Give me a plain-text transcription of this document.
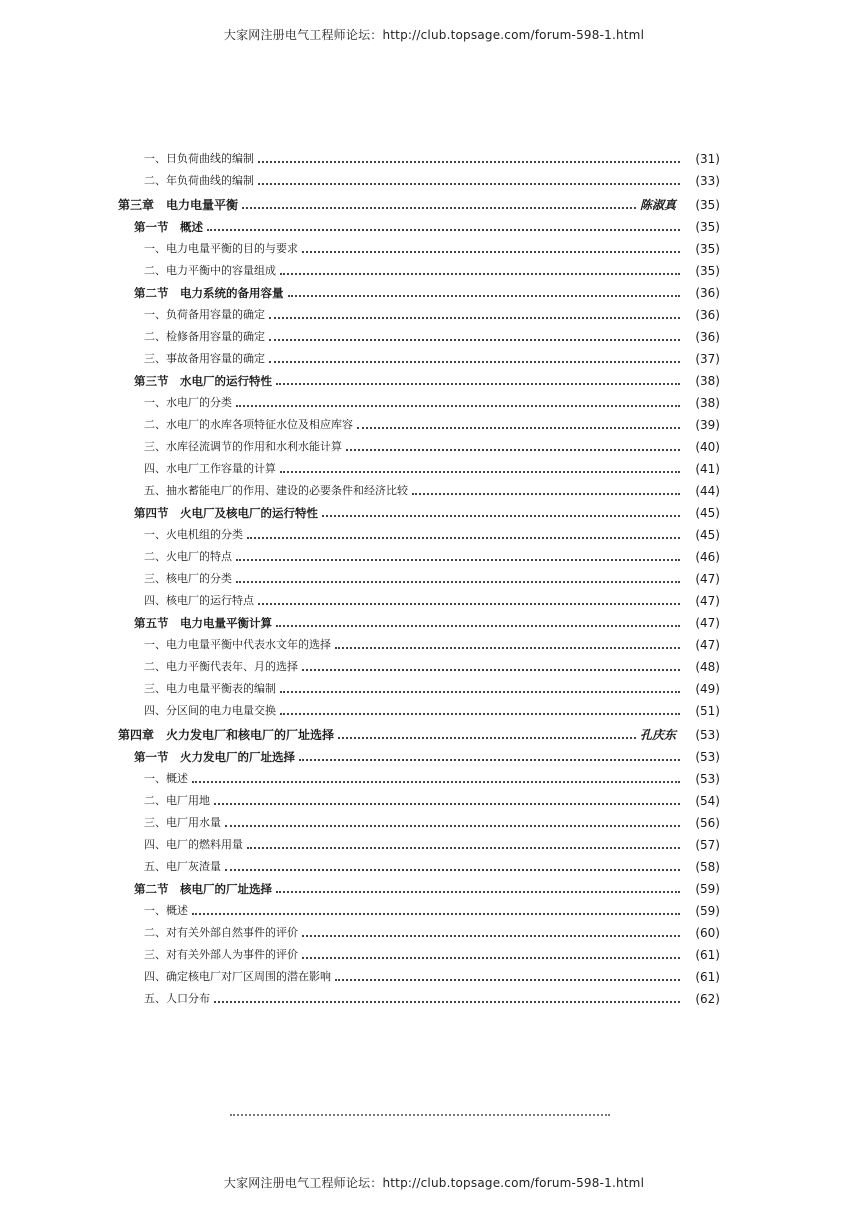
大家网注册电气工程师论坛：http://club.topsage.com/forum-598-1.html
一、日负荷曲线的编制	(31)
二、年负荷曲线的编制	(33)
第三章　电力电量平衡	陈淑真	(35)
第一节　概述	(35)
一、电力电量平衡的目的与要求	(35)
二、电力平衡中的容量组成	(35)
第二节　电力系统的备用容量	(36)
一、负荷备用容量的确定	(36)
二、检修备用容量的确定	(36)
三、事故备用容量的确定	(37)
第三节　水电厂的运行特性	(38)
一、水电厂的分类	(38)
二、水电厂的水库各项特征水位及相应库容	(39)
三、水库径流调节的作用和水利水能计算	(40)
四、水电厂工作容量的计算	(41)
五、抽水蓄能电厂的作用、建设的必要条件和经济比较	(44)
第四节　火电厂及核电厂的运行特性	(45)
一、火电机组的分类	(45)
二、火电厂的特点	(46)
三、核电厂的分类	(47)
四、核电厂的运行特点	(47)
第五节　电力电量平衡计算	(47)
一、电力电量平衡中代表水文年的选择	(47)
二、电力平衡代表年、月的选择	(48)
三、电力电量平衡表的编制	(49)
四、分区间的电力电量交换	(51)
第四章　火力发电厂和核电厂的厂址选择	孔庆东	(53)
第一节　火力发电厂的厂址选择	(53)
一、概述	(53)
二、电厂用地	(54)
三、电厂用水量	(56)
四、电厂的燃料用量	(57)
五、电厂灰渣量	(58)
第二节　核电厂的厂址选择	(59)
一、概述	(59)
二、对有关外部自然事件的评价	(60)
三、对有关外部人为事件的评价	(61)
四、确定核电厂对厂区周围的潜在影响	(61)
五、人口分布	(62)
大家网注册电气工程师论坛：http://club.topsage.com/forum-598-1.html
